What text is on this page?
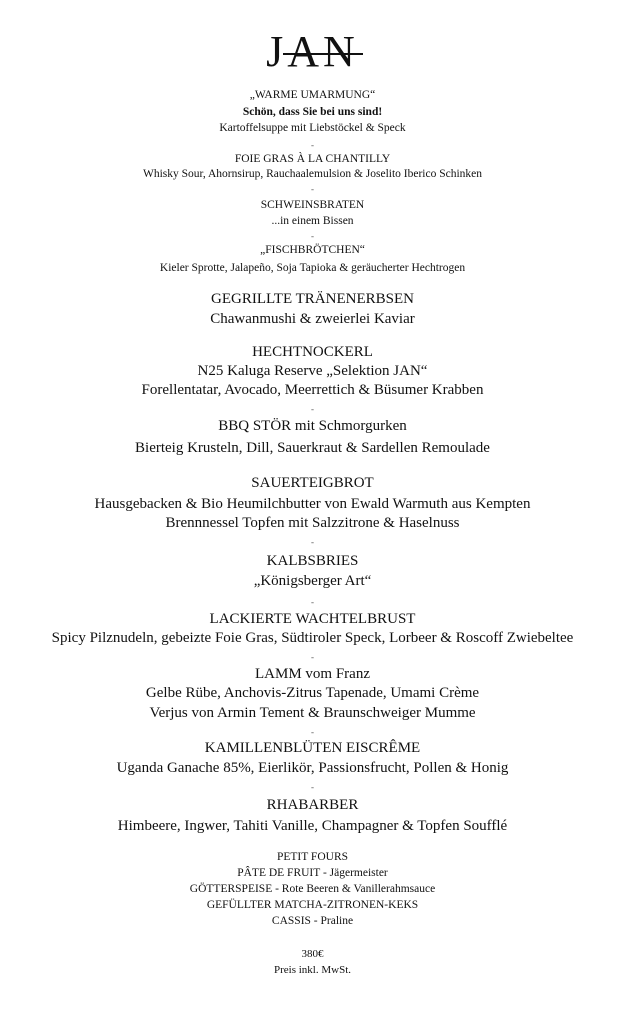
JAN
„WARME UMARMUNG“
Schön, dass Sie bei uns sind!
Kartoffelsuppe mit Liebstöckel & Speck
-
FOIE GRAS À LA CHANTILLY
Whisky Sour, Ahornsirup, Rauchaalemulsion & Joselito Iberico Schinken
-
SCHWEINSBRATEN
...in einem Bissen
-
„FISCHBRÖTCHEN“
Kieler Sprotte, Jalapeño, Soja Tapioka & geräucherter Hechtrogen
GEGRILLTE TRÄNENERBSEN
Chawanmushi & zweierlei Kaviar
HECHTNOCKERL
N25 Kaluga Reserve „Selektion JAN“
Forellentatar, Avocado, Meerrettich & Büsumer Krabben
-
BBQ STÖR mit Schmorgurken
Bierteig Krusteln, Dill, Sauerkraut & Sardellen Remoulade
SAUERTEIGBROT
Hausgebacken & Bio Heumilchbutter von Ewald Warmuth aus Kempten
Brennnessel Topfen mit Salzzitrone & Haselnuss
-
KALBSBRIES
„Königsberger Art“
-
LACKIERTE WACHTELBRUST
Spicy Pilznudeln, gebeizte Foie Gras, Südtiroler Speck, Lorbeer & Roscoff Zwiebeltee
-
LAMM vom Franz
Gelbe Rübe, Anchovis-Zitrus Tapenade, Umami Crème
Verjus von Armin Tement & Braunschweiger Mumme
-
KAMILLENBLÜTEN EISCRÊME
Uganda Ganache 85%, Eierlikör, Passionsfrucht, Pollen & Honig
-
RHABARBER
Himbeere, Ingwer, Tahiti Vanille, Champagner & Topfen Soufflé
PETIT FOURS
PÂTE DE FRUIT - Jägermeister
GÖTTERSPEISE - Rote Beeren & Vanillerahmsauce
GEFÜLLTER MATCHA-ZITRONEN-KEKS
CASSIS - Praline
380€
Preis inkl. MwSt.
